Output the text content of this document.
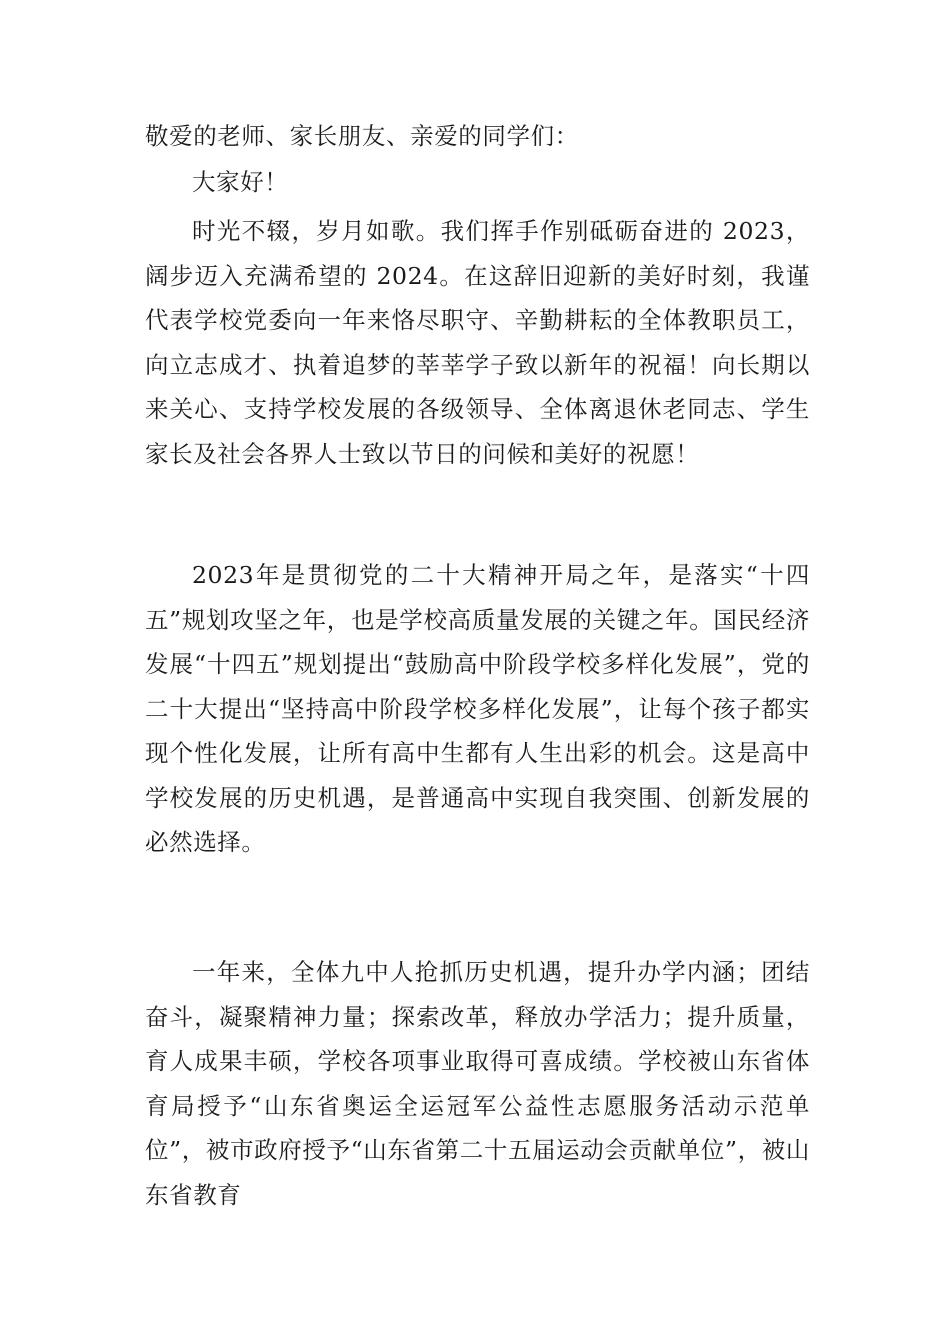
敬爱的老师、家长朋友、亲爱的同学们：

大家好！

时光不辍，岁月如歌。我们挥手作别砥砺奋进的 2023，阔步迈入充满希望的 2024。在这辞旧迎新的美好时刻，我谨代表学校党委向一年来恪尽职守、辛勤耕耘的全体教职员工，向立志成才、执着追梦的莘莘学子致以新年的祝福！向长期以来关心、支持学校发展的各级领导、全体离退休老同志、学生家长及社会各界人士致以节日的问候和美好的祝愿！

2023年是贯彻党的二十大精神开局之年，是落实“十四五”规划攻坚之年，也是学校高质量发展的关键之年。国民经济发展“十四五”规划提出“鼓励高中阶段学校多样化发展”，党的二十大提出“坚持高中阶段学校多样化发展”，让每个孩子都实现个性化发展，让所有高中生都有人生出彩的机会。这是高中学校发展的历史机遇，是普通高中实现自我突围、创新发展的必然选择。

一年来，全体九中人抢抓历史机遇，提升办学内涵；团结奋斗，凝聚精神力量；探索改革，释放办学活力；提升质量，育人成果丰硕，学校各项事业取得可喜成绩。学校被山东省体育局授予“山东省奥运全运冠军公益性志愿服务活动示范单位”，被市政府授予“山东省第二十五届运动会贡献单位”，被山东省教育
